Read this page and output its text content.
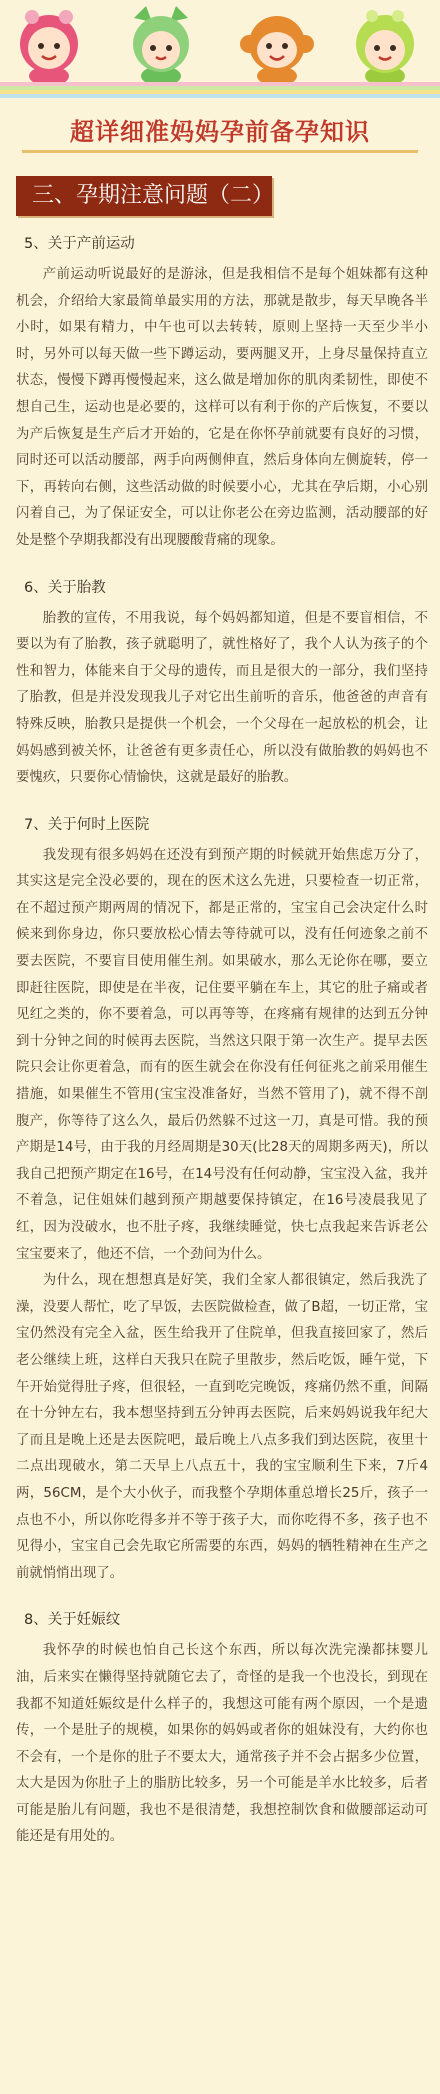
超详细准妈妈孕前备孕知识
三、孕期注意问题（二）
5、关于产前运动

产前运动听说最好的是游泳，但是我相信不是每个姐妹都有这种机会，介绍给大家最简单最实用的方法，那就是散步，每天早晚各半小时，如果有精力，中午也可以去转转，原则上坚持一天至少半小时，另外可以每天做一些下蹲运动，要两腿叉开，上身尽量保持直立状态，慢慢下蹲再慢慢起来，这么做是增加你的肌肉柔韧性，即使不想自己生，运动也是必要的，这样可以有利于你的产后恢复，不要以为产后恢复是生产后才开始的，它是在你怀孕前就要有良好的习惯，同时还可以活动腰部，两手向两侧伸直，然后身体向左侧旋转，停一下，再转向右侧，这些活动做的时候要小心，尤其在孕后期，小心别闪着自己，为了保证安全，可以让你老公在旁边监测，活动腰部的好处是整个孕期我都没有出现腰酸背痛的现象。

6、关于胎教

胎教的宣传，不用我说，每个妈妈都知道，但是不要盲相信，不要以为有了胎教，孩子就聪明了，就性格好了，我个人认为孩子的个性和智力，体能来自于父母的遗传，而且是很大的一部分，我们坚持了胎教，但是并没发现我儿子对它出生前听的音乐，他爸爸的声音有特殊反映，胎教只是提供一个机会，一个父母在一起放松的机会，让妈妈感到被关怀，让爸爸有更多责任心，所以没有做胎教的妈妈也不要愧疚，只要你心情愉快，这就是最好的胎教。

7、关于何时上医院

我发现有很多妈妈在还没有到预产期的时候就开始焦虑万分了，其实这是完全没必要的，现在的医术这么先进，只要检查一切正常，在不超过预产期两周的情况下，都是正常的，宝宝自己会决定什么时候来到你身边，你只要放松心情去等待就可以，没有任何迹象之前不要去医院，不要盲目使用催生剂。如果破水，那么无论你在哪，要立即赶往医院，即使是在半夜，记住要平躺在车上，其它的肚子痛或者见红之类的，你不要着急，可以再等等，在疼痛有规律的达到五分钟到十分钟之间的时候再去医院，当然这只限于第一次生产。提早去医院只会让你更着急，而有的医生就会在你没有任何征兆之前采用催生措施，如果催生不管用(宝宝没准备好，当然不管用了)，就不得不剖腹产，你等待了这么久，最后仍然躲不过这一刀，真是可惜。我的预产期是14号，由于我的月经周期是30天(比28天的周期多两天)，所以我自己把预产期定在16号，在14号没有任何动静，宝宝没入盆，我并不着急，记住姐妹们越到预产期越要保持镇定，在16号凌晨我见了红，因为没破水，也不肚子疼，我继续睡觉，快七点我起来告诉老公宝宝要来了，他还不信，一个劲问为什么。

为什么，现在想想真是好笑，我们全家人都很镇定，然后我洗了澡，没要人帮忙，吃了早饭，去医院做检查，做了B超，一切正常，宝宝仍然没有完全入盆，医生给我开了住院单，但我直接回家了，然后老公继续上班，这样白天我只在院子里散步，然后吃饭，睡午觉，下午开始觉得肚子疼，但很轻，一直到吃完晚饭，疼痛仍然不重，间隔在十分钟左右，我本想坚持到五分钟再去医院，后来妈妈说我年纪大了而且是晚上还是去医院吧，最后晚上八点多我们到达医院，夜里十二点出现破水，第二天早上八点五十，我的宝宝顺利生下来，7斤4两，56CM，是个大小伙子，而我整个孕期体重总增长25斤，孩子一点也不小，所以你吃得多并不等于孩子大，而你吃得不多，孩子也不见得小，宝宝自己会先取它所需要的东西，妈妈的牺牲精神在生产之前就悄悄出现了。

8、关于妊娠纹

我怀孕的时候也怕自己长这个东西，所以每次洗完澡都抹婴儿油，后来实在懒得坚持就随它去了，奇怪的是我一个也没长，到现在我都不知道妊娠纹是什么样子的，我想这可能有两个原因，一个是遗传，一个是肚子的规模，如果你的妈妈或者你的姐妹没有，大约你也不会有，一个是你的肚子不要太大，通常孩子并不会占据多少位置，太大是因为你肚子上的脂肪比较多，另一个可能是羊水比较多，后者可能是胎儿有问题，我也不是很清楚，我想控制饮食和做腰部运动可能还是有用处的。
